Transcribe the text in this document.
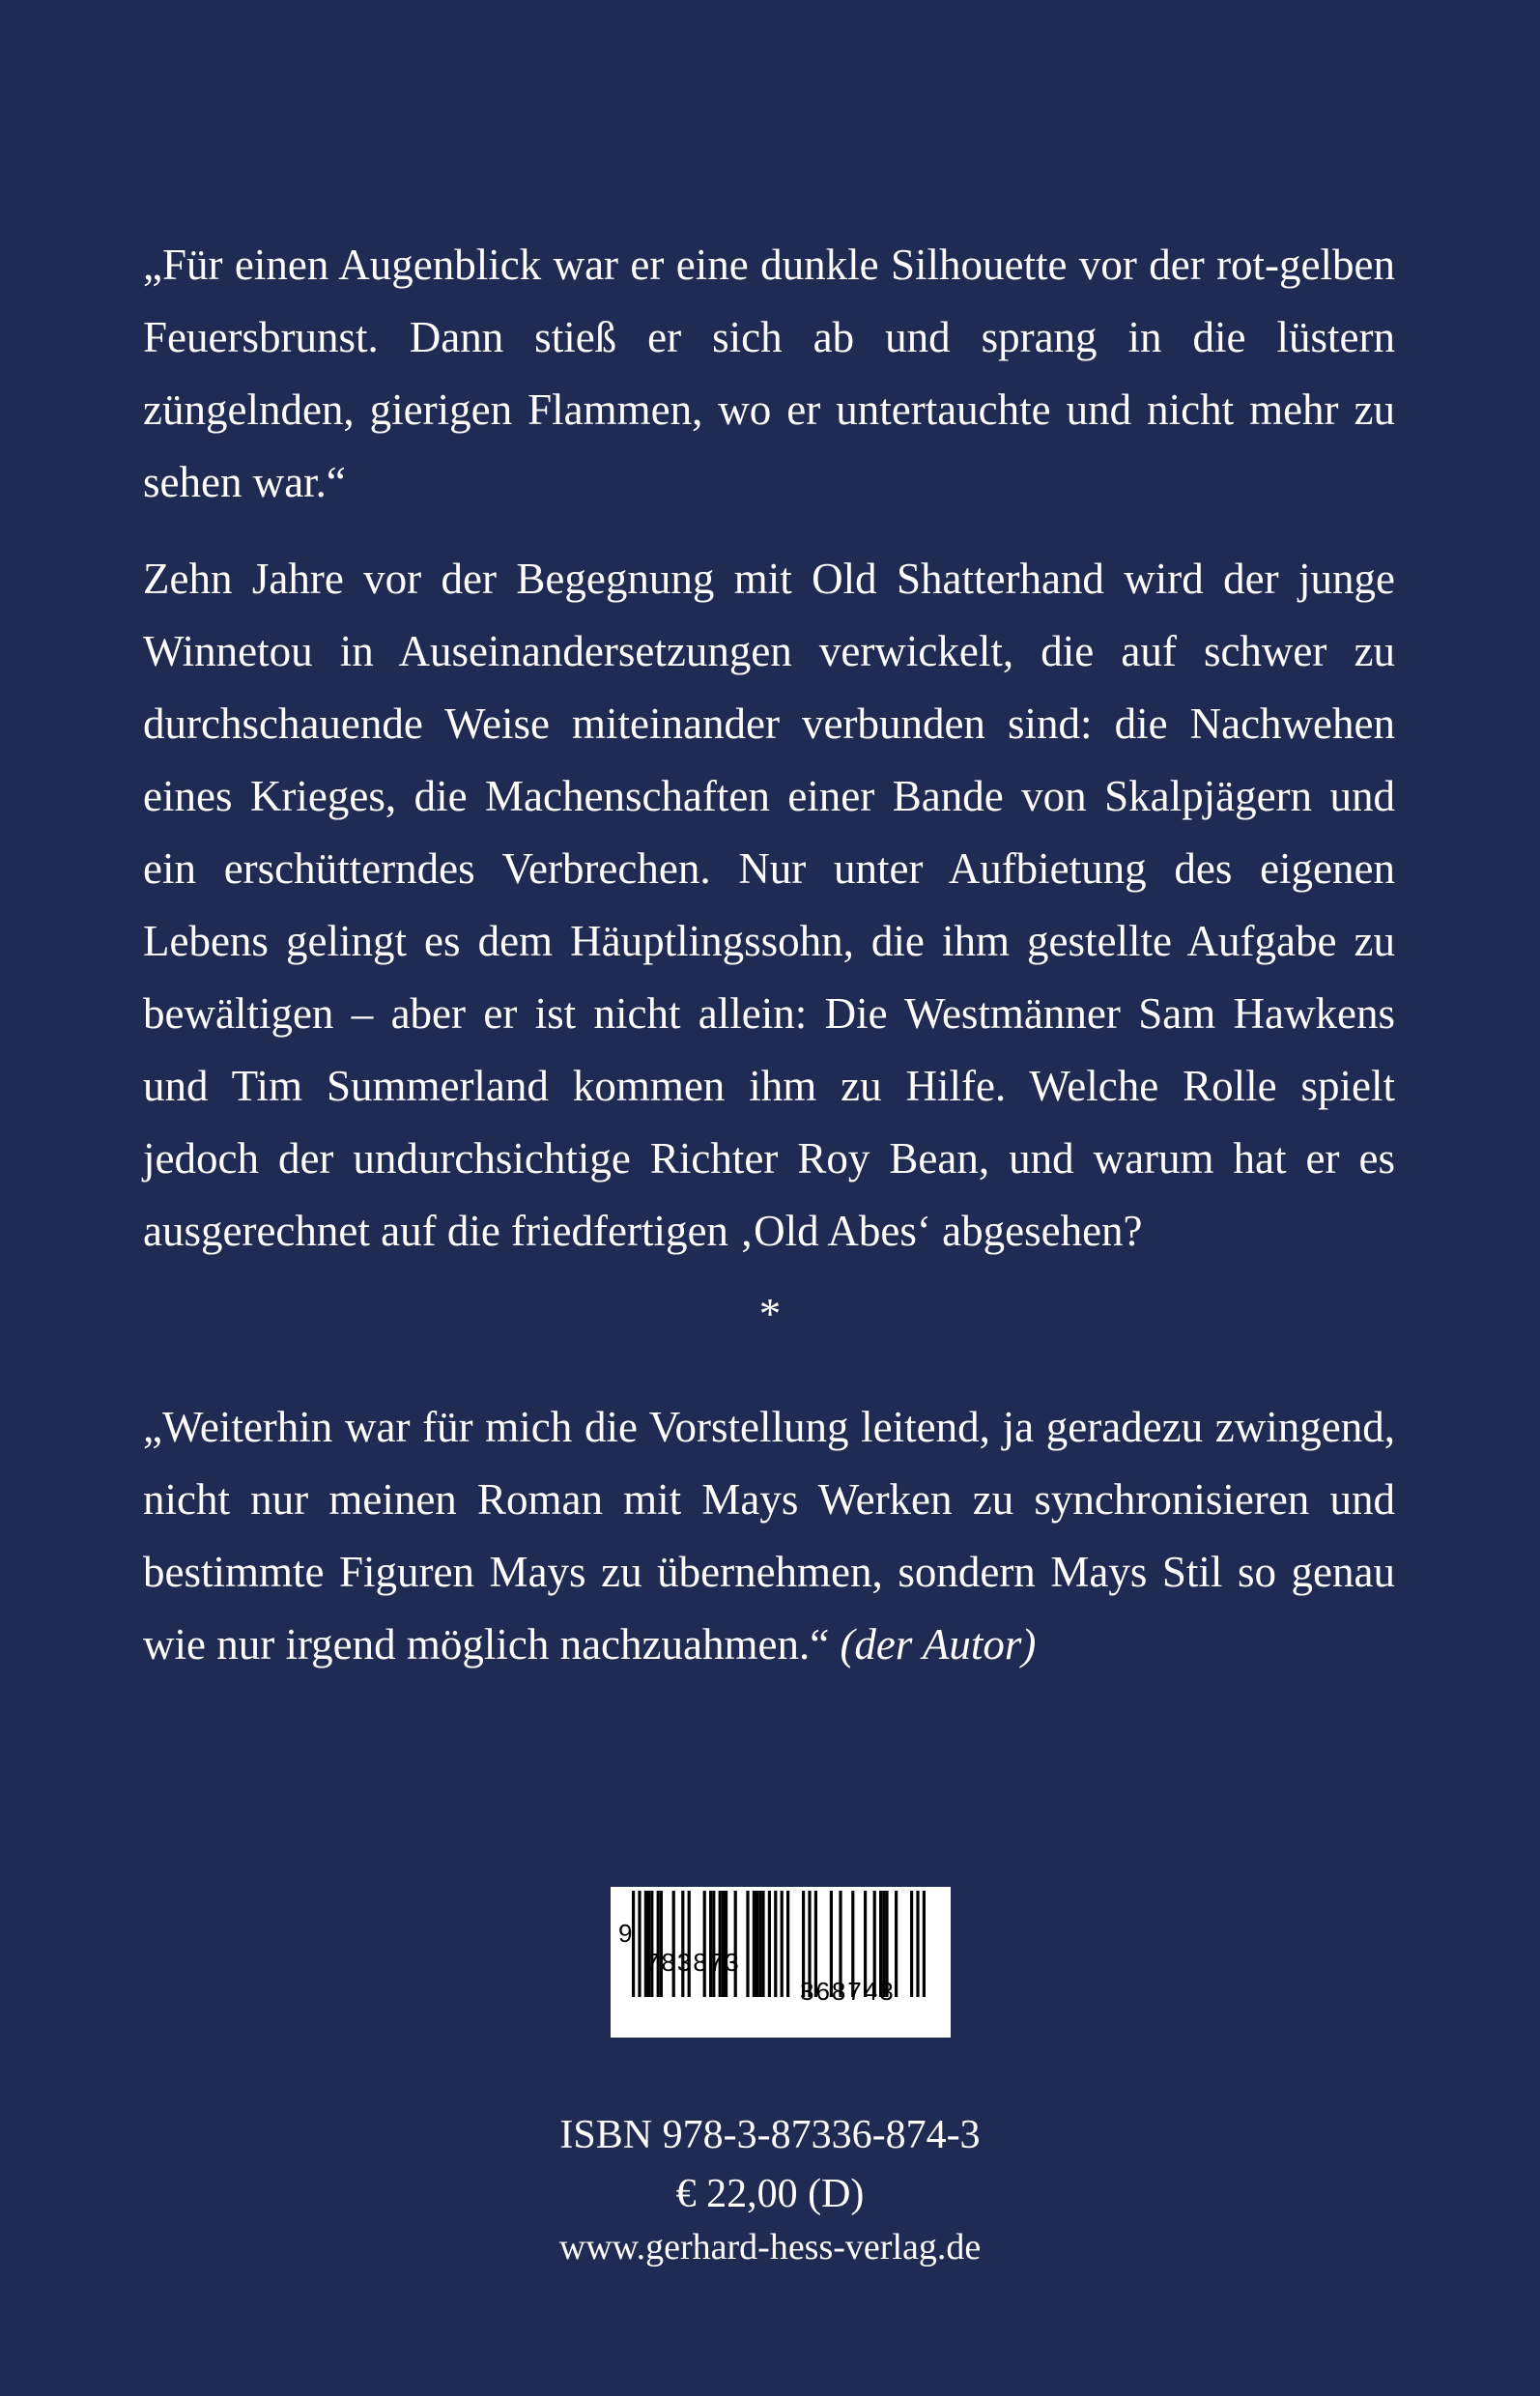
„Für einen Augenblick war er eine dunkle Silhouette vor der rot-gelben Feuersbrunst. Dann stieß er sich ab und sprang in die lüstern züngelnden, gierigen Flammen, wo er untertauchte und nicht mehr zu sehen war.“
Zehn Jahre vor der Begegnung mit Old Shatterhand wird der junge Winnetou in Auseinandersetzungen verwickelt, die auf schwer zu durchschauende Weise miteinander verbunden sind: die Nachwehen eines Krieges, die Machenschaften einer Bande von Skalpjägern und ein erschütterndes Verbrechen. Nur unter Aufbietung des eigenen Lebens gelingt es dem Häuptlingssohn, die ihm gestellte Aufgabe zu bewältigen – aber er ist nicht allein: Die Westmänner Sam Hawkens und Tim Summerland kommen ihm zu Hilfe. Welche Rolle spielt jedoch der undurchsichtige Richter Roy Bean, und warum hat er es ausgerechnet auf die friedfertigen ‚Old Abes‘ abgesehen?
*
„Weiterhin war für mich die Vorstellung leitend, ja geradezu zwingend, nicht nur meinen Roman mit Mays Werken zu synchronisieren und bestimmte Figuren Mays zu übernehmen, sondern Mays Stil so genau wie nur irgend möglich nachzuahmen.“ (der Autor)

9

783873

368743

ISBN 978-3-87336-874-3
€ 22,00 (D)
www.gerhard-hess-verlag.de
